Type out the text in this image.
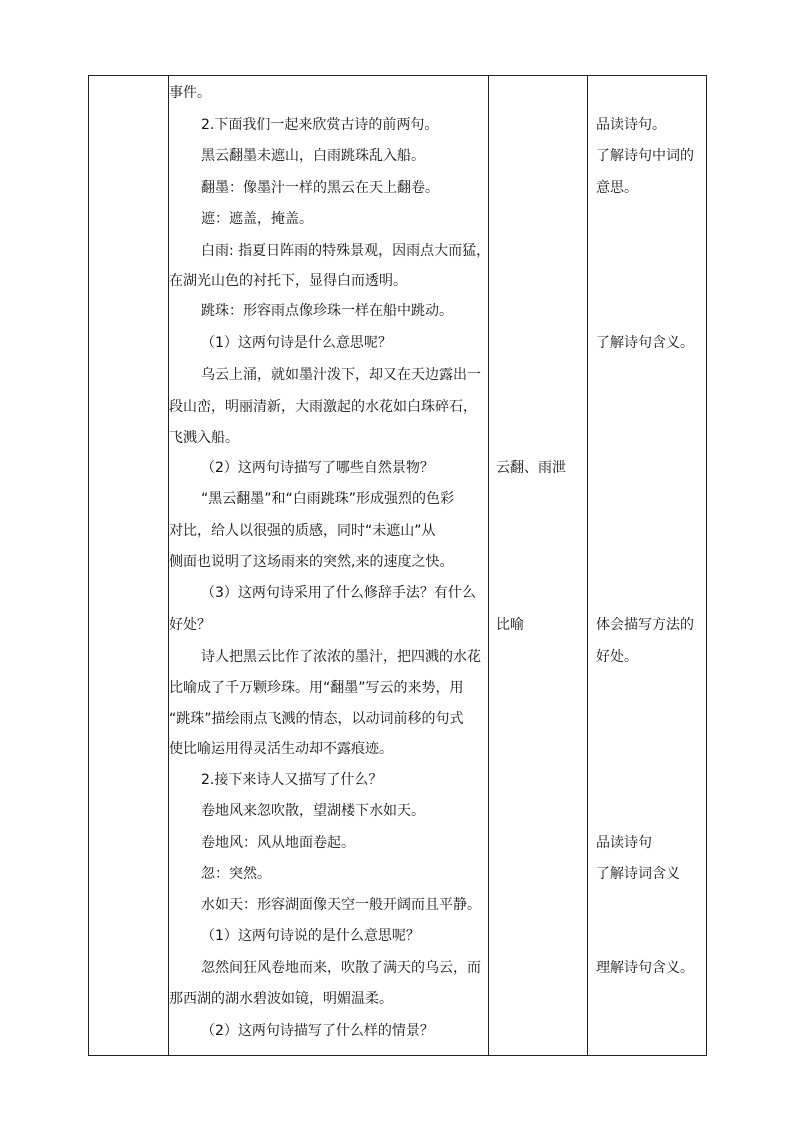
事件。
2.下面我们一起来欣赏古诗的前两句。
黑云翻墨未遮山，白雨跳珠乱入船。
翻墨：像墨汁一样的黑云在天上翻卷。
遮：遮盖，掩盖。
白雨: 指夏日阵雨的特殊景观，因雨点大而猛，
在湖光山色的衬托下，显得白而透明。
跳珠：形容雨点像珍珠一样在船中跳动。
（1）这两句诗是什么意思呢？
乌云上涌，就如墨汁泼下，却又在天边露出一
段山峦，明丽清新，大雨激起的水花如白珠碎石，
飞溅入船。
（2）这两句诗描写了哪些自然景物？
“黑云翻墨”和“白雨跳珠”形成强烈的色彩
对比，给人以很强的质感，同时“未遮山”从
侧面也说明了这场雨来的突然,来的速度之快。
（3）这两句诗采用了什么修辞手法？有什么
好处？
诗人把黑云比作了浓浓的墨汁，把四溅的水花
比喻成了千万颗珍珠。用“翻墨”写云的来势，用
“跳珠”描绘雨点飞溅的情态，以动词前移的句式
使比喻运用得灵活生动却不露痕迹。
2.接下来诗人又描写了什么？
卷地风来忽吹散，望湖楼下水如天。
卷地风：风从地面卷起。
忽：突然。
水如天：形容湖面像天空一般开阔而且平静。
（1）这两句诗说的是什么意思呢？
忽然间狂风卷地而来，吹散了满天的乌云，而
那西湖的湖水碧波如镜，明媚温柔。
（2）这两句诗描写了什么样的情景？
云翻、雨泄
比喻
品读诗句。
了解诗句中词的
意思。
了解诗句含义。
体会描写方法的
好处。
品读诗句
了解诗词含义
理解诗句含义。
